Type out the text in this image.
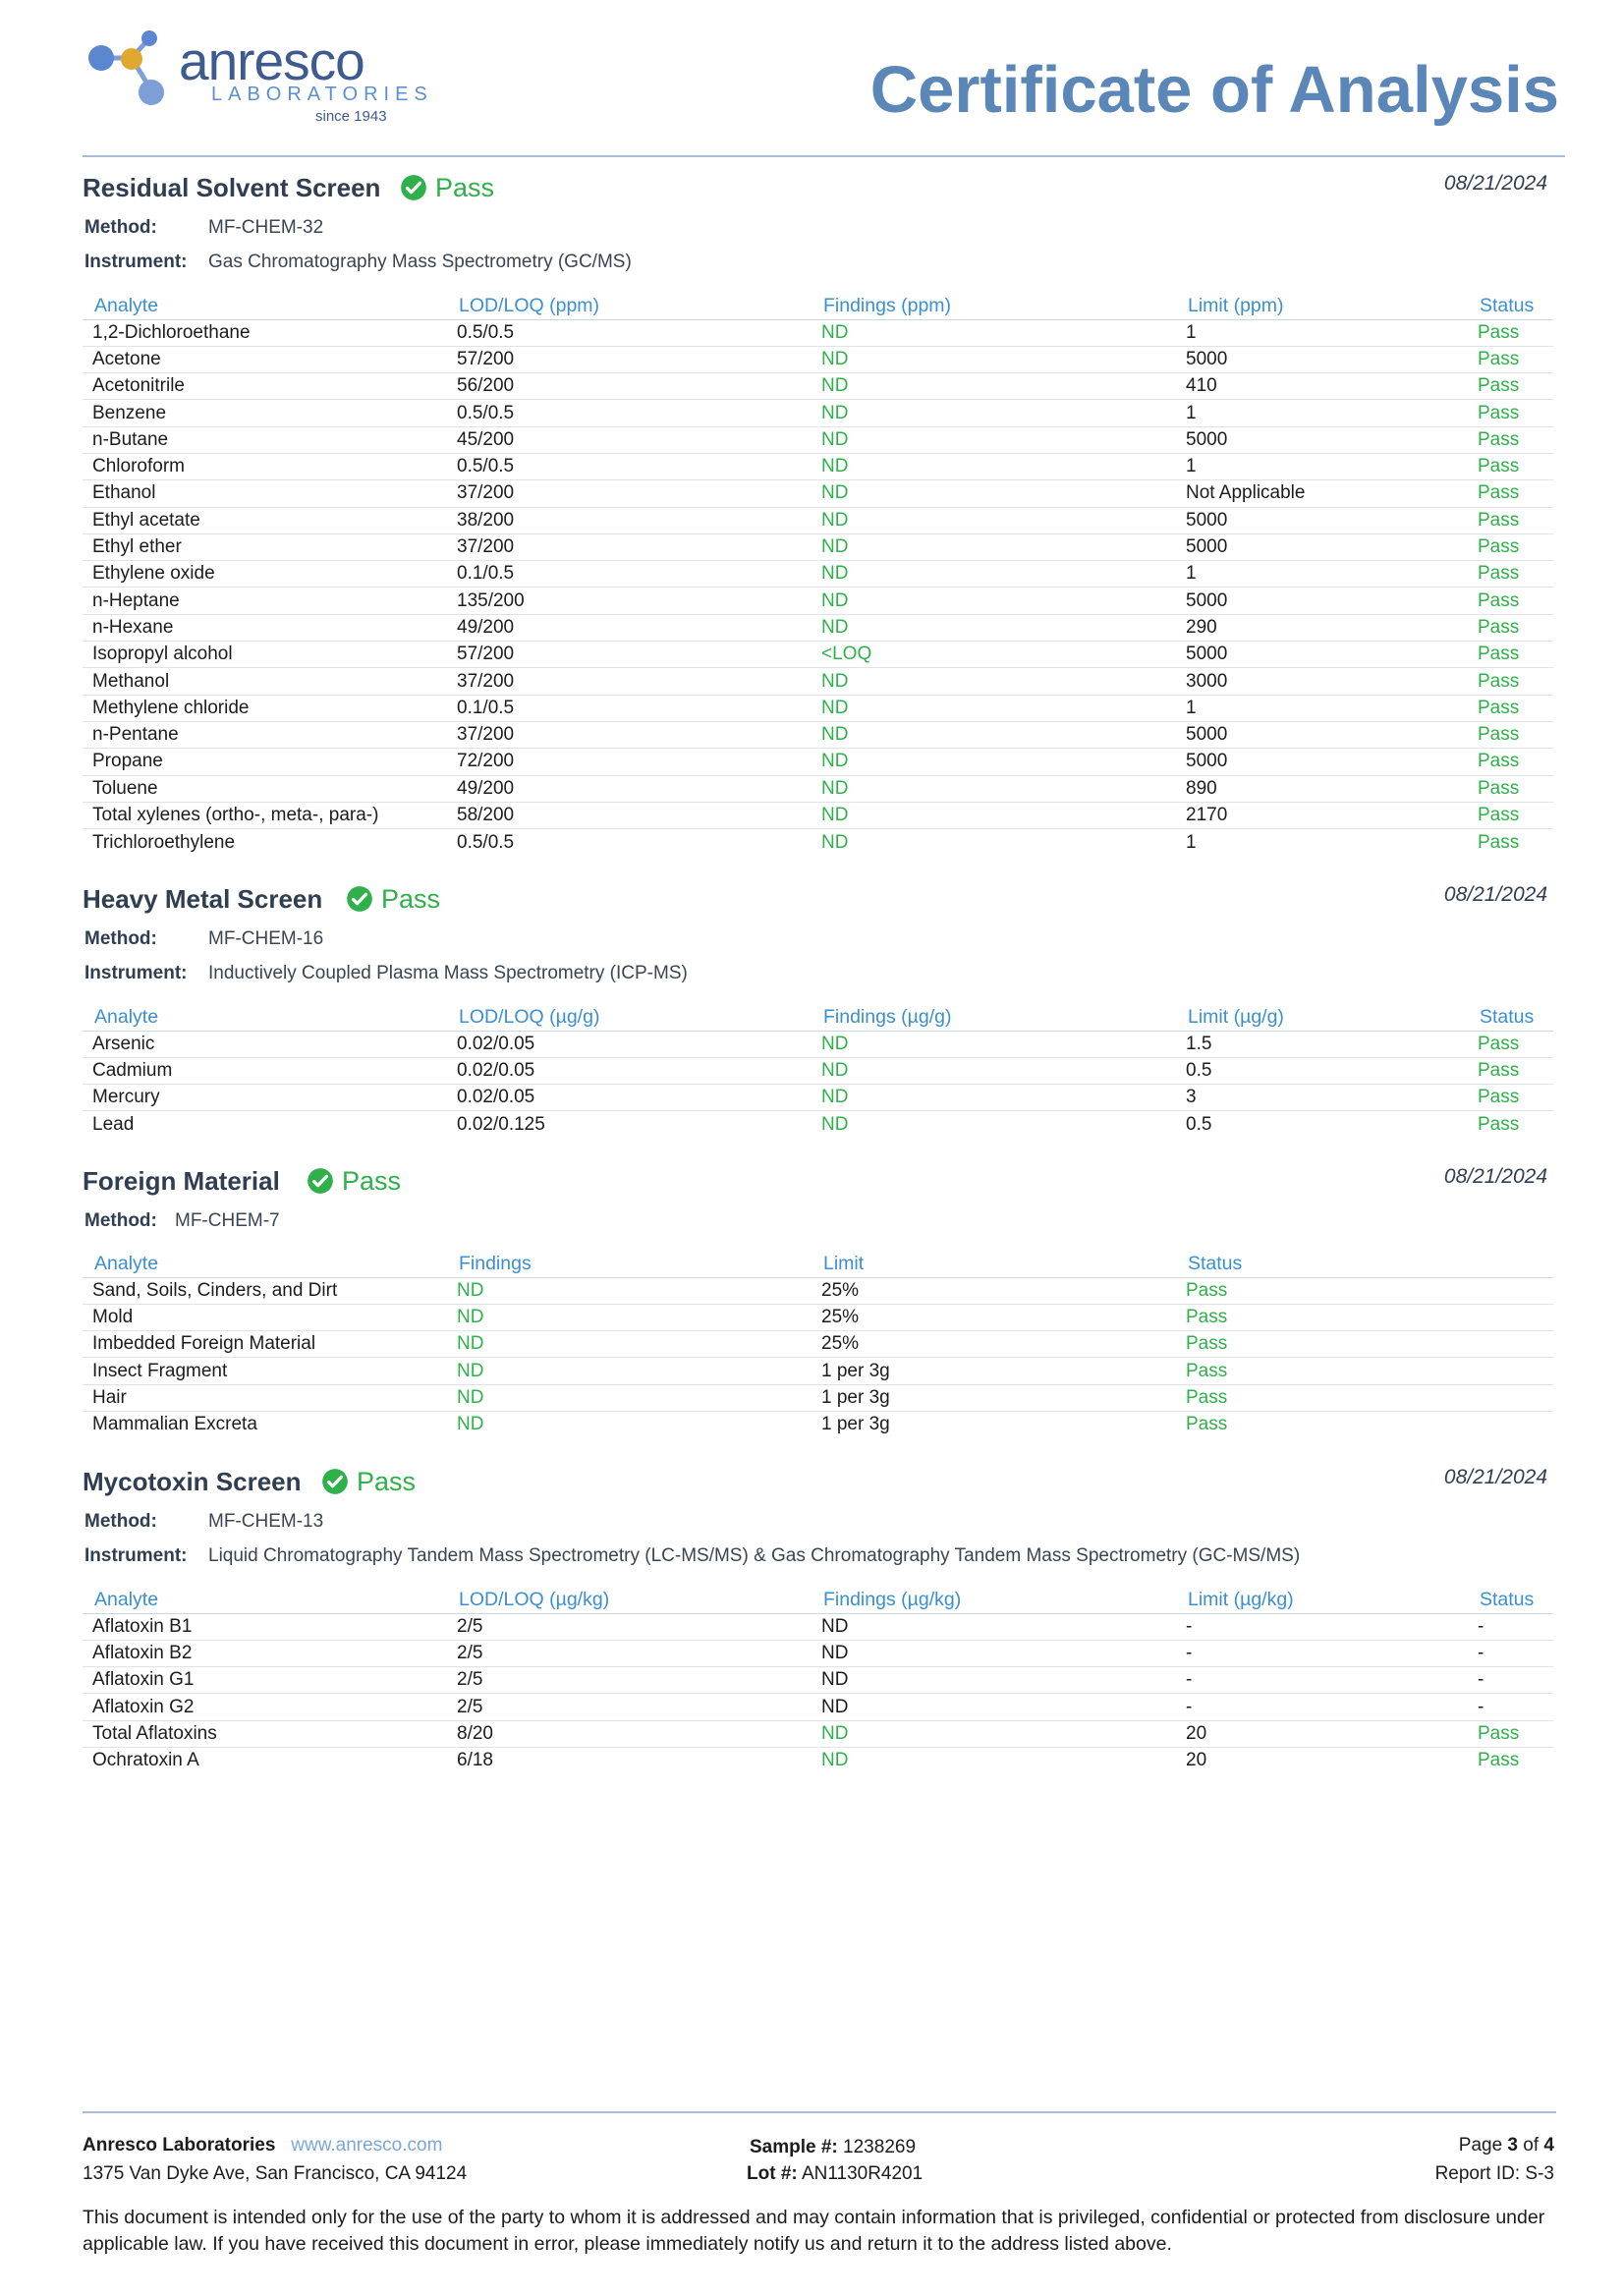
anresco
LABORATORIES
since 1943	Certificate of Analysis
Residual Solvent Screen Pass	08/21/2024
Method:	MF-CHEM-32
Instrument: Gas Chromatography Mass Spectrometry (GC/MS)
Analyte	LOD/LOQ (ppm)	Findings (ppm)	Limit (ppm)	Status
1,2-Dichloroethane	0.5/0.5	ND	1	Pass
Acetone	57/200	ND	5000	Pass
Acetonitrile	56/200	ND	410	Pass
Benzene	0.5/0.5	ND	1	Pass
n-Butane	45/200	ND	5000	Pass
Chloroform	0.5/0.5	ND	1	Pass
Ethanol	37/200	ND	Not Applicable	Pass
Ethyl acetate	38/200	ND	5000	Pass
Ethyl ether	37/200	ND	5000	Pass
Ethylene oxide	0.1/0.5	ND	1	Pass
n-Heptane	135/200	ND	5000	Pass
n-Hexane	49/200	ND	290	Pass
Isopropyl alcohol	57/200	<LOQ	5000	Pass
Methanol	37/200	ND	3000	Pass
Methylene chloride	0.1/0.5	ND	1	Pass
n-Pentane	37/200	ND	5000	Pass
Propane	72/200	ND	5000	Pass
Toluene	49/200	ND	890	Pass
Total xylenes (ortho-, meta-, para-)	58/200	ND	2170	Pass
Trichloroethylene	0.5/0.5	ND	1	Pass
Heavy Metal Screen Pass	08/21/2024
Method:	MF-CHEM-16
Instrument: Inductively Coupled Plasma Mass Spectrometry (ICP-MS)
Analyte	LOD/LOQ (µg/g)	Findings (µg/g)	Limit (µg/g)	Status
Arsenic	0.02/0.05	ND	1.5	Pass
Cadmium	0.02/0.05	ND	0.5	Pass
Mercury	0.02/0.05	ND	3	Pass
Lead	0.02/0.125	ND	0.5	Pass
Foreign Material Pass	08/21/2024
Method: MF-CHEM-7
Analyte	Findings	Limit	Status
Sand, Soils, Cinders, and Dirt	ND	25%	Pass
Mold	ND	25%	Pass
Imbedded Foreign Material	ND	25%	Pass
Insect Fragment	ND	1 per 3g	Pass
Hair	ND	1 per 3g	Pass
Mammalian Excreta	ND	1 per 3g	Pass
Mycotoxin Screen Pass	08/21/2024
Method:	MF-CHEM-13
Instrument: Liquid Chromatography Tandem Mass Spectrometry (LC-MS/MS) & Gas Chromatography Tandem Mass Spectrometry (GC-MS/MS)
Analyte	LOD/LOQ (µg/kg)	Findings (µg/kg)	Limit (µg/kg)	Status
Aflatoxin B1	2/5	ND	-	-
Aflatoxin B2	2/5	ND	-	-
Aflatoxin G1	2/5	ND	-	-
Aflatoxin G2	2/5	ND	-	-
Total Aflatoxins	8/20	ND	20	Pass
Ochratoxin A	6/18	ND	20	Pass
Anresco Laboratories www.anresco.com
1375 Van Dyke Ave, San Francisco, CA 94124
Sample #: 1238269
Lot #: AN1130R4201
Page 3 of 4
Report ID: S-3
This document is intended only for the use of the party to whom it is addressed and may contain information that is privileged, confidential or protected from disclosure under applicable law. If you have received this document in error, please immediately notify us and return it to the address listed above.
